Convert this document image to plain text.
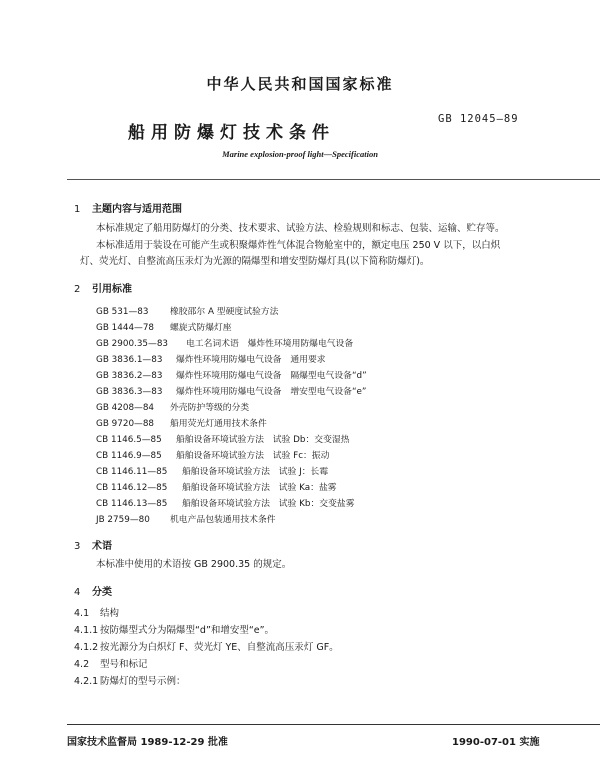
中华人民共和国国家标准
船用防爆灯技术条件
GB 12045—89
Marine explosion-proof light—Specification
1 主题内容与适用范围
本标准规定了船用防爆灯的分类、技术要求、试验方法、检验规则和标志、包装、运输、贮存等。
本标准适用于装设在可能产生或积聚爆炸性气体混合物舱室中的，额定电压 250 V 以下，以白炽
灯、荧光灯、自整流高压汞灯为光源的隔爆型和增安型防爆灯具(以下简称防爆灯)。
2 引用标准
GB 531—83 橡胶邵尔 A 型硬度试验方法
GB 1444—78 螺旋式防爆灯座
GB 2900.35—83 电工名词术语　爆炸性环境用防爆电气设备
GB 3836.1—83 爆炸性环境用防爆电气设备　通用要求
GB 3836.2—83 爆炸性环境用防爆电气设备　隔爆型电气设备“d”
GB 3836.3—83 爆炸性环境用防爆电气设备　增安型电气设备“e”
GB 4208—84 外壳防护等级的分类
GB 9720—88 船用荧光灯通用技术条件
CB 1146.5—85 船舶设备环境试验方法　试验 Db：交变湿热
CB 1146.9—85 船舶设备环境试验方法　试验 Fc：振动
CB 1146.11—85 船舶设备环境试验方法　试验 J：长霉
CB 1146.12—85 船舶设备环境试验方法　试验 Ka：盐雾
CB 1146.13—85 船舶设备环境试验方法　试验 Kb：交变盐雾
JB 2759—80 机电产品包装通用技术条件
3 术语
本标准中使用的术语按 GB 2900.35 的规定。
4 分类
4.1 结构
4.1.1 按防爆型式分为隔爆型“d”和增安型“e”。
4.1.2 按光源分为白炽灯 F、荧光灯 YE、自整流高压汞灯 GF。
4.2 型号和标记
4.2.1 防爆灯的型号示例：
国家技术监督局 1989-12-29 批准	1990-07-01 实施
